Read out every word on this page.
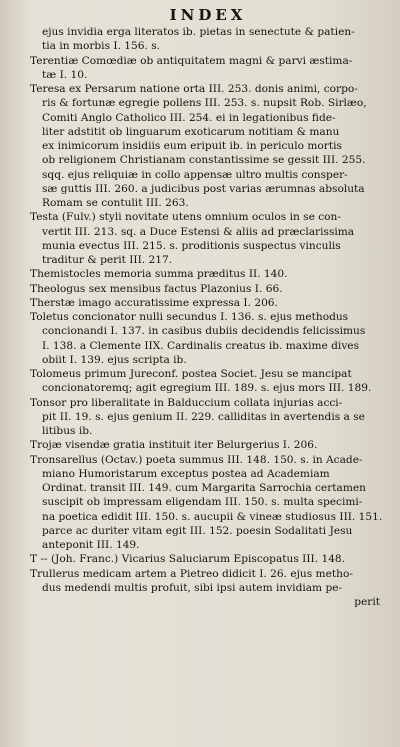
INDEX
ejus invidia erga literatos ib. pietas in senectute & patien-
tia in morbis I. 156. s.
Terentiæ Comœdiæ ob antiquitatem magni & parvi æstima-
tæ I. 10.
Teresa ex Persarum natione orta III. 253. donis animi, corpo-
ris & fortunæ egregie pollens III. 253. s. nupsit Rob. Sirlæo,
Comiti Anglo Catholico III. 254. ei in legationibus fide-
liter adstitit ob linguarum exoticarum notitiam & manu
ex inimicorum insidiis eum eripuit ib. in periculo mortis
ob religionem Christianam constantissime se gessit III. 255.
sqq. ejus reliquiæ in collo appensæ ultro multis consper-
sæ guttis III. 260. a judicibus post varias ærumnas absoluta
Romam se contulit III. 263.
Testa (Fulv.) styli novitate utens omnium oculos in se con-
vertit III. 213. sq. a Duce Estensi & aliis ad præclarissima
munia evectus III. 215. s. proditionis suspectus vinculis
traditur & perit III. 217.
Themistocles memoria summa præditus II. 140.
Theologus sex mensibus factus Plazonius I. 66.
Therstæ imago accuratissime expressa I. 206.
Toletus concionator nulli secundus I. 136. s. ejus methodus
concionandi I. 137. in casibus dubiis decidendis felicissimus
I. 138. a Clemente IIX. Cardinalis creatus ib. maxime dives
obiit I. 139. ejus scripta ib.
Tolomeus primum Jureconf. postea Societ. Jesu se mancipat
concionatoremq; agit egregium III. 189. s. ejus mors III. 189.
Tonsor pro liberalitate in Balduccium collata injurias acci-
pit II. 19. s. ejus genium II. 229. calliditas in avertendis a se
litibus ib.
Trojæ visendæ gratia instituit iter Belurgerius I. 206.
Tronsarellus (Octav.) poeta summus III. 148. 150. s. in Acade-
miano Humoristarum exceptus postea ad Academiam
Ordinat. transit III. 149. cum Margarita Sarrochia certamen
suscipit ob impressam eligendam III. 150. s. multa specimi-
na poetica edidit III. 150. s. aucupii & vineæ studiosus III. 151.
parce ac duriter vitam egit III. 152. poesin Sodalitati Jesu
anteponit III. 149.
T -- (Joh. Franc.) Vicarius Saluciarum Episcopatus III. 148.
Trullerus medicam artem a Pietreo didicit I. 26. ejus metho-
dus medendi multis profuit, sibi ipsi autem invidiam pe-
perit
